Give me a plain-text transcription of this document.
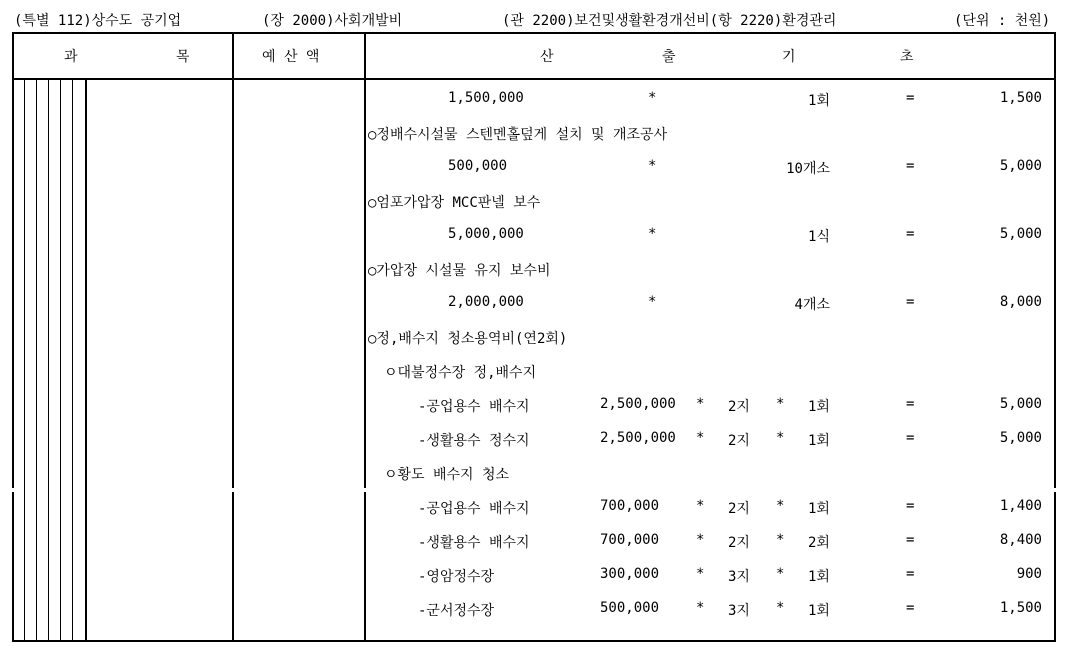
(특별 112)상수도 공기업	(장 2000)사회개발비	(관 2200)보건및생활환경개선비(항 2220)환경관리	(단위 : 천원)
과	목	예 산 액	산	출	기	초
1,500,000	*	1회	=	1,500
○정배수시설물 스텐멘홀덮게 설치 및 개조공사
500,000	*	10개소	=	5,000
○엄포가압장 MCC판넬 보수
5,000,000	*	1식	=	5,000
○가압장 시설물 유지 보수비
2,000,000	*	4개소	=	8,000
○정,배수지 청소용역비(연2회)
ㅇ대불정수장 정,배수지
-공업용수 배수지	2,500,000 * 2지 * 1회	=	5,000
-생활용수 정수지	2,500,000 * 2지 * 1회	=	5,000
ㅇ황도 배수지 청소
-공업용수 배수지	700,000	* 2지 * 1회	=	1,400
-생활용수 배수지	700,000	* 2지 * 2회	=	8,400
-영암정수장	300,000	* 3지 * 1회	=	900
-군서정수장	500,000	* 3지 * 1회	=	1,500
